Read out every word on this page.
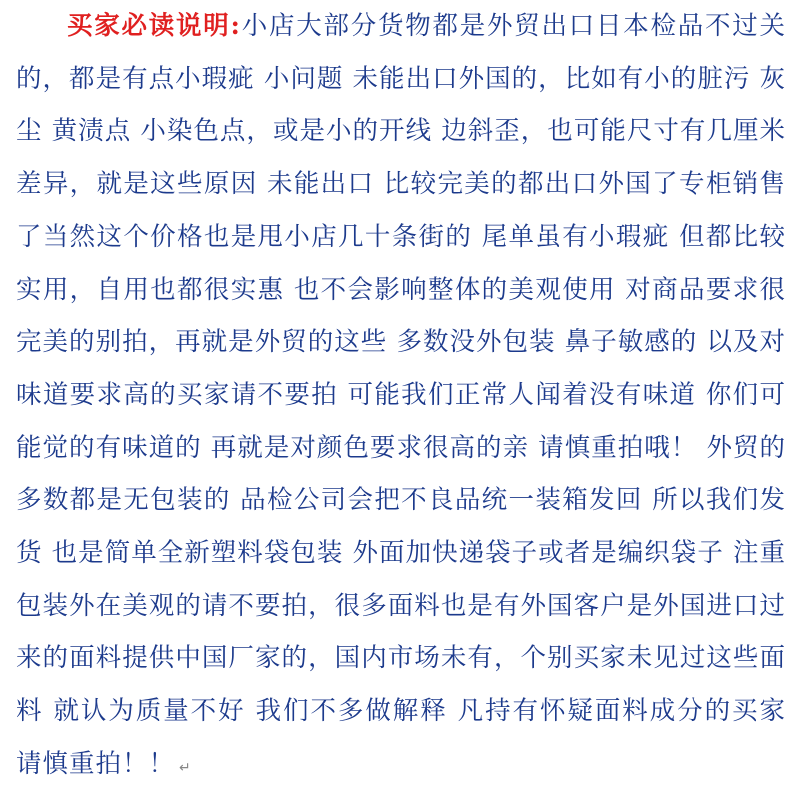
买家必读说明:小店大部分货物都是外贸出口日本检品不过关的，都是有点小瑕疵 小问题 未能出口外国的，比如有小的脏污 灰尘 黄渍点 小染色点，或是小的开线 边斜歪，也可能尺寸有几厘米差异，就是这些原因 未能出口 比较完美的都出口外国了专柜销售了当然这个价格也是甩小店几十条街的 尾单虽有小瑕疵 但都比较实用，自用也都很实惠 也不会影响整体的美观使用 对商品要求很完美的别拍，再就是外贸的这些 多数没外包装 鼻子敏感的 以及对味道要求高的买家请不要拍 可能我们正常人闻着没有味道 你们可能觉的有味道的 再就是对颜色要求很高的亲 请慎重拍哦！ 外贸的多数都是无包装的 品检公司会把不良品统一装箱发回 所以我们发货 也是简单全新塑料袋包装 外面加快递袋子或者是编织袋子 注重包装外在美观的请不要拍，很多面料也是有外国客户是外国进口过来的面料提供中国厂家的，国内市场未有，个别买家未见过这些面料 就认为质量不好 我们不多做解释 凡持有怀疑面料成分的买家 请慎重拍！！ ↵
